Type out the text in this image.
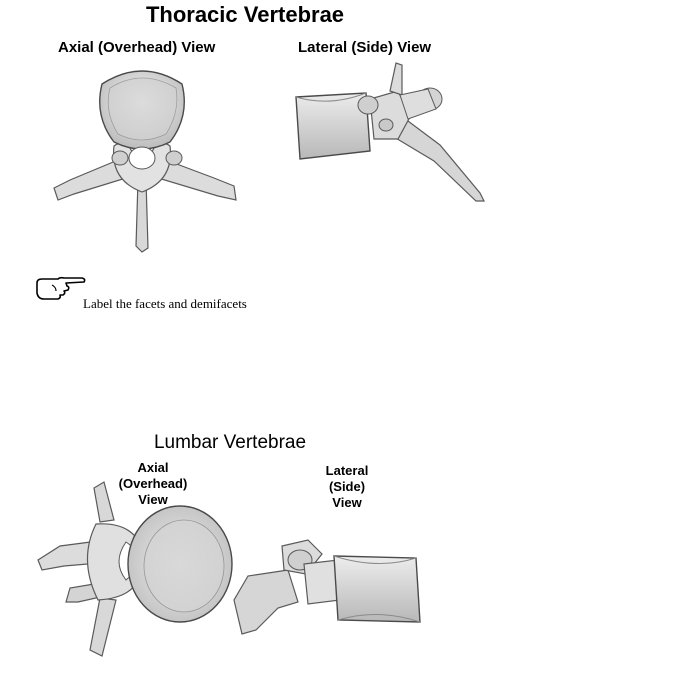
Thoracic Vertebrae
Axial (Overhead) View	Lateral (Side) View
Label the facets and demifacets
Lumbar Vertebrae
Axial
(Overhead)
View
Lateral
(Side)
View
